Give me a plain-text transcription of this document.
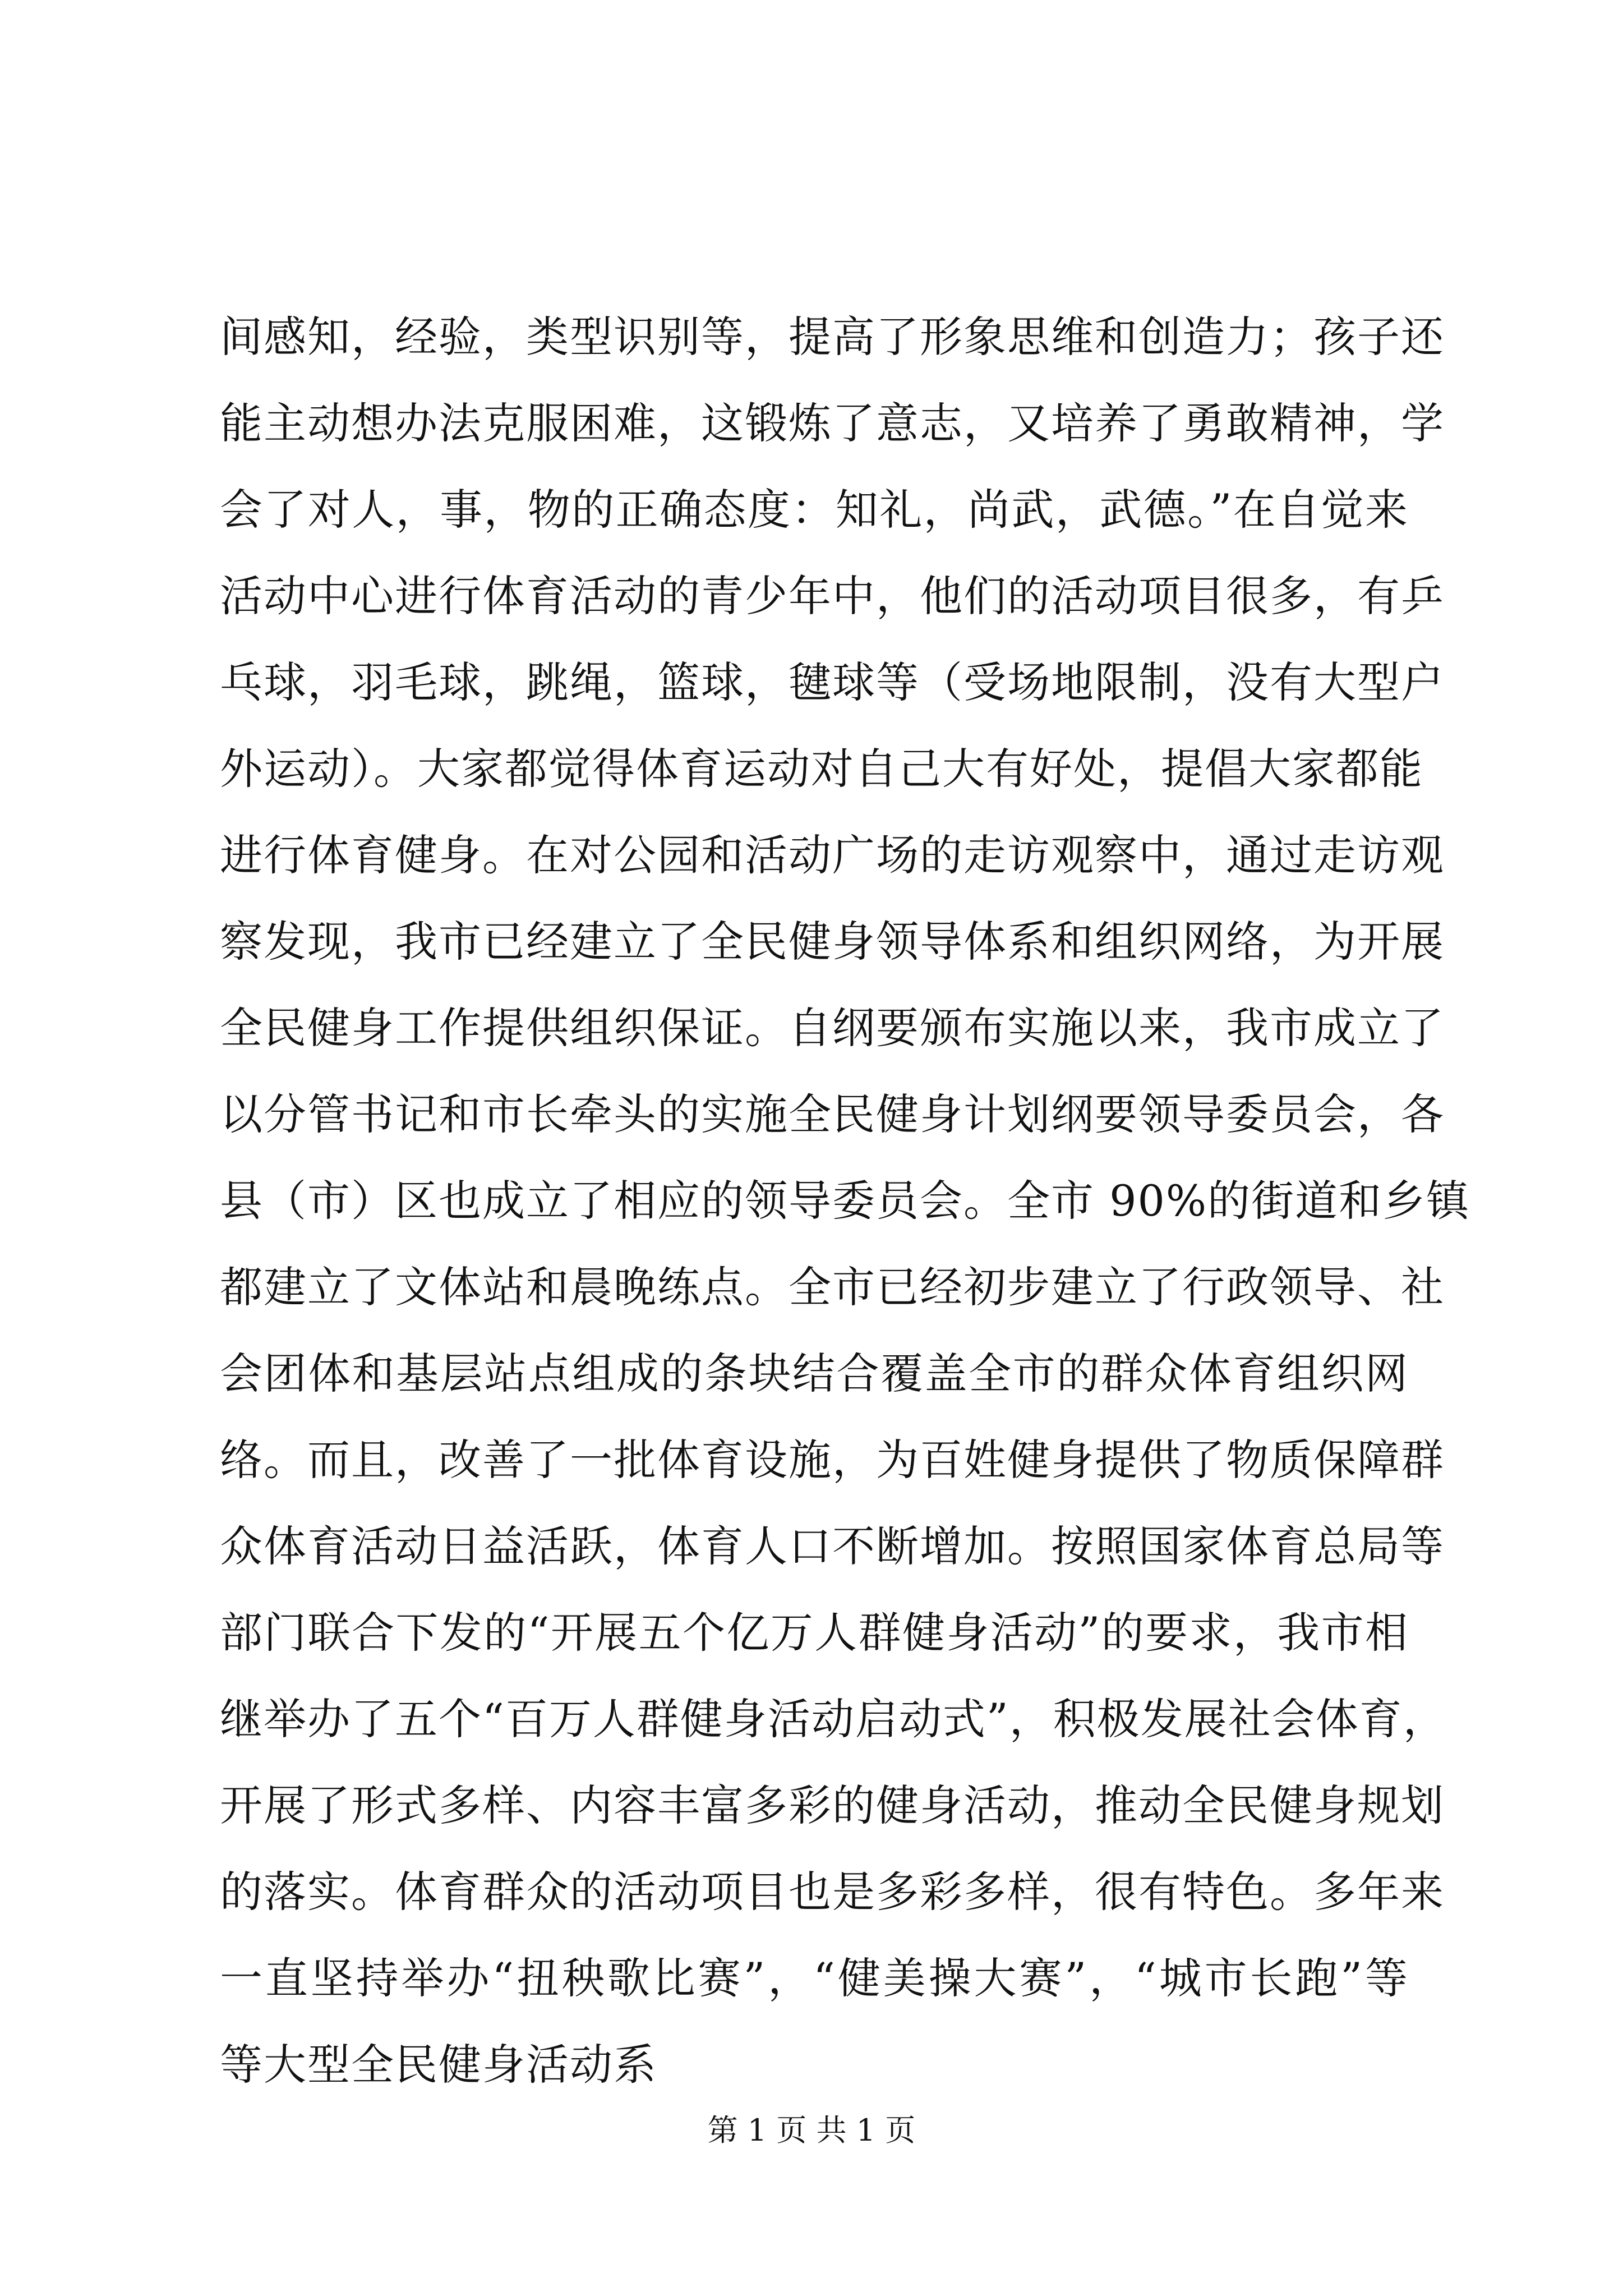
间感知，经验，类型识别等，提高了形象思维和创造力；孩子还
能主动想办法克服困难，这锻炼了意志，又培养了勇敢精神，学
会了对人，事，物的正确态度：知礼，尚武，武德。”在自觉来
活动中心进行体育活动的青少年中，他们的活动项目很多，有乒
乓球，羽毛球，跳绳，篮球，毽球等（受场地限制，没有大型户
外运动）。大家都觉得体育运动对自己大有好处，提倡大家都能
进行体育健身。在对公园和活动广场的走访观察中，通过走访观
察发现，我市已经建立了全民健身领导体系和组织网络，为开展
全民健身工作提供组织保证。自纲要颁布实施以来，我市成立了
以分管书记和市长牵头的实施全民健身计划纲要领导委员会，各
县（市）区也成立了相应的领导委员会。全市 90%的街道和乡镇
都建立了文体站和晨晚练点。全市已经初步建立了行政领导、社
会团体和基层站点组成的条块结合覆盖全市的群众体育组织网
络。而且，改善了一批体育设施，为百姓健身提供了物质保障群
众体育活动日益活跃，体育人口不断增加。按照国家体育总局等
部门联合下发的“开展五个亿万人群健身活动”的要求，我市相
继举办了五个“百万人群健身活动启动式”，积极发展社会体育，
开展了形式多样、内容丰富多彩的健身活动，推动全民健身规划
的落实。体育群众的活动项目也是多彩多样，很有特色。多年来
一直坚持举办“扭秧歌比赛”，“健美操大赛”，“城市长跑”等
等大型全民健身活动系
第 1 页 共 1 页
